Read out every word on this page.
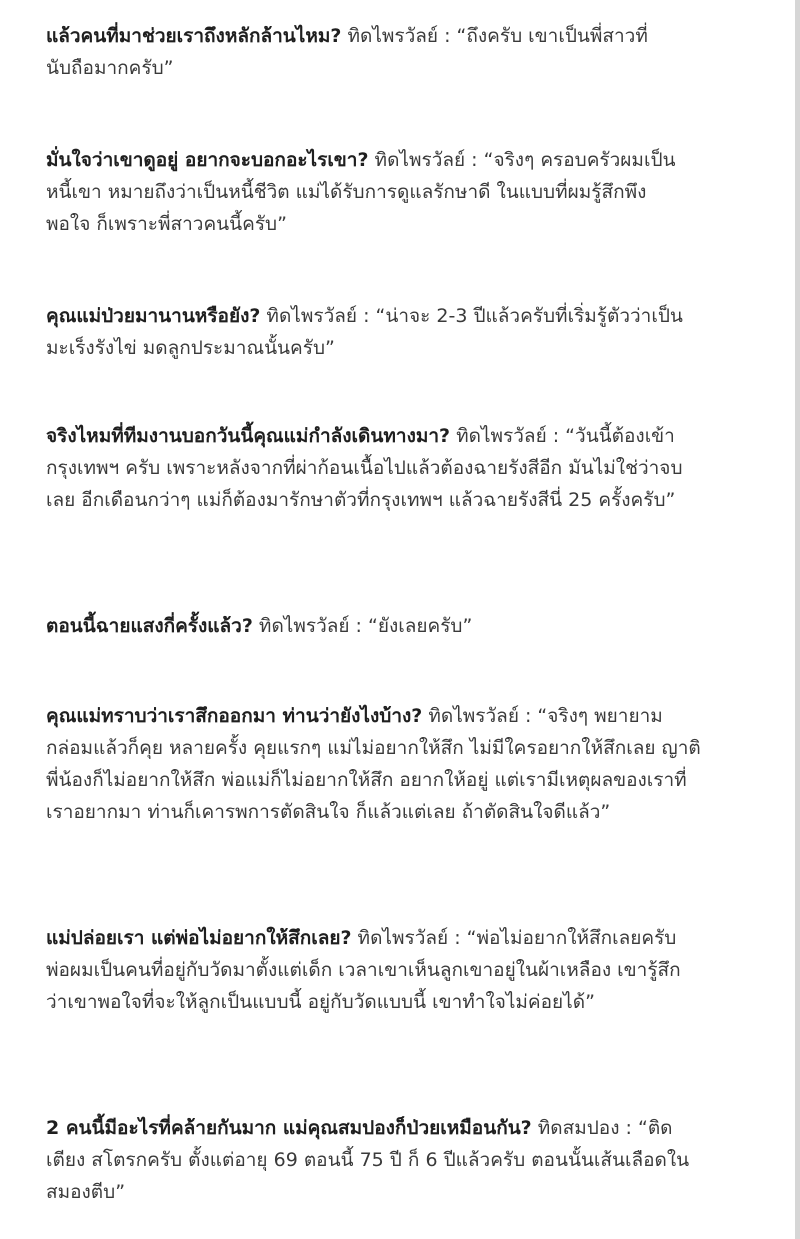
แล้วคนที่มาช่วยเราถึงหลักล้านไหม? ทิดไพรวัลย์ : “ถึงครับ เขาเป็นพี่สาวที่นับถือมากครับ”

มั่นใจว่าเขาดูอยู่ อยากจะบอกอะไรเขา? ทิดไพรวัลย์ : “จริงๆ ครอบครัวผมเป็นหนี้เขา หมายถึงว่าเป็นหนี้ชีวิต แม่ได้รับการดูแลรักษาดี ในแบบที่ผมรู้สึกพึงพอใจ ก็เพราะพี่สาวคนนี้ครับ”

คุณแม่ป่วยมานานหรือยัง? ทิดไพรวัลย์ : “น่าจะ 2-3 ปีแล้วครับที่เริ่มรู้ตัวว่าเป็นมะเร็งรังไข่ มดลูกประมาณนั้นครับ”

จริงไหมที่ทีมงานบอกวันนี้คุณแม่กำลังเดินทางมา? ทิดไพรวัลย์ : “วันนี้ต้องเข้ากรุงเทพฯ ครับ เพราะหลังจากที่ผ่าก้อนเนื้อไปแล้วต้องฉายรังสีอีก มันไม่ใช่ว่าจบเลย อีกเดือนกว่าๆ แม่ก็ต้องมารักษาตัวที่กรุงเทพฯ แล้วฉายรังสีนี่ 25 ครั้งครับ”

ตอนนี้ฉายแสงกี่ครั้งแล้ว? ทิดไพรวัลย์ : “ยังเลยครับ”

คุณแม่ทราบว่าเราสึกออกมา ท่านว่ายังไงบ้าง? ทิดไพรวัลย์ : “จริงๆ พยายามกล่อมแล้วก็คุย หลายครั้ง คุยแรกๆ แม่ไม่อยากให้สึก ไม่มีใครอยากให้สึกเลย ญาติพี่น้องก็ไม่อยากให้สึก พ่อแม่ก็ไม่อยากให้สึก อยากให้อยู่ แต่เรามีเหตุผลของเราที่เราอยากมา ท่านก็เคารพการตัดสินใจ ก็แล้วแต่เลย ถ้าตัดสินใจดีแล้ว”

แม่ปล่อยเรา แต่พ่อไม่อยากให้สึกเลย? ทิดไพรวัลย์ : “พ่อไม่อยากให้สึกเลยครับ พ่อผมเป็นคนที่อยู่กับวัดมาตั้งแต่เด็ก เวลาเขาเห็นลูกเขาอยู่ในผ้าเหลือง เขารู้สึกว่าเขาพอใจที่จะให้ลูกเป็นแบบนี้ อยู่กับวัดแบบนี้ เขาทำใจไม่ค่อยได้”

2 คนนี้มีอะไรที่คล้ายกันมาก แม่คุณสมปองก็ป่วยเหมือนกัน? ทิดสมปอง : “ติดเตียง สโตรกครับ ตั้งแต่อายุ 69 ตอนนี้ 75 ปี ก็ 6 ปีแล้วครับ ตอนนั้นเส้นเลือดในสมองตีบ”
